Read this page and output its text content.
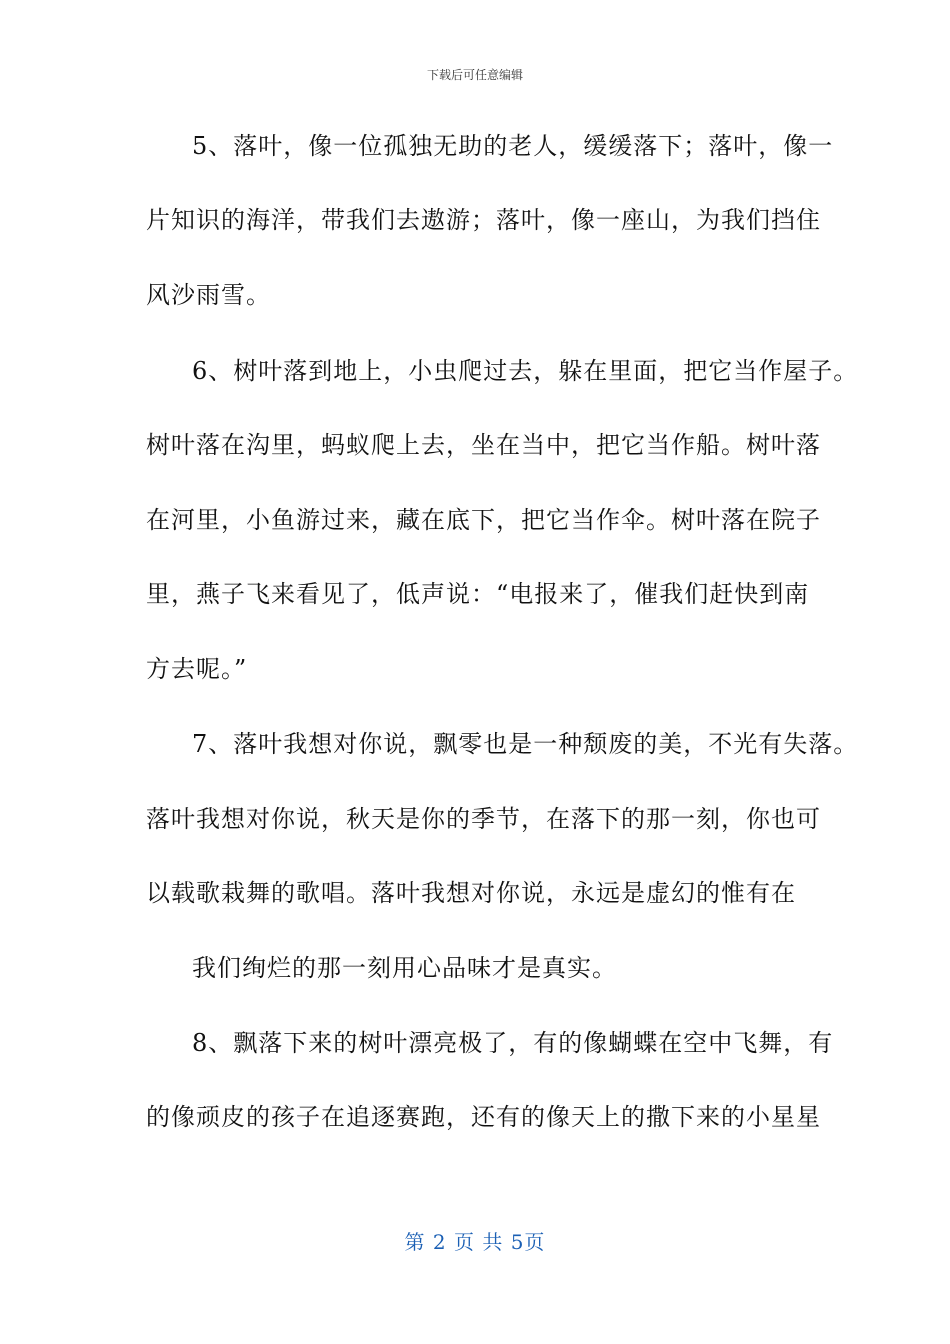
下载后可任意编辑
5、落叶，像一位孤独无助的老人，缓缓落下；落叶，像一
片知识的海洋，带我们去遨游；落叶，像一座山，为我们挡住
风沙雨雪。
6、树叶落到地上，小虫爬过去，躲在里面，把它当作屋子。
树叶落在沟里，蚂蚁爬上去，坐在当中，把它当作船。树叶落
在河里，小鱼游过来，藏在底下，把它当作伞。树叶落在院子
里，燕子飞来看见了，低声说：“电报来了，催我们赶快到南
方去呢。”
7、落叶我想对你说，飘零也是一种颓废的美，不光有失落。
落叶我想对你说，秋天是你的季节，在落下的那一刻，你也可
以载歌栽舞的歌唱。落叶我想对你说，永远是虚幻的惟有在
我们绚烂的那一刻用心品味才是真实。
8、飘落下来的树叶漂亮极了，有的像蝴蝶在空中飞舞，有
的像顽皮的孩子在追逐赛跑，还有的像天上的撒下来的小星星
第 2 页 共 5页
